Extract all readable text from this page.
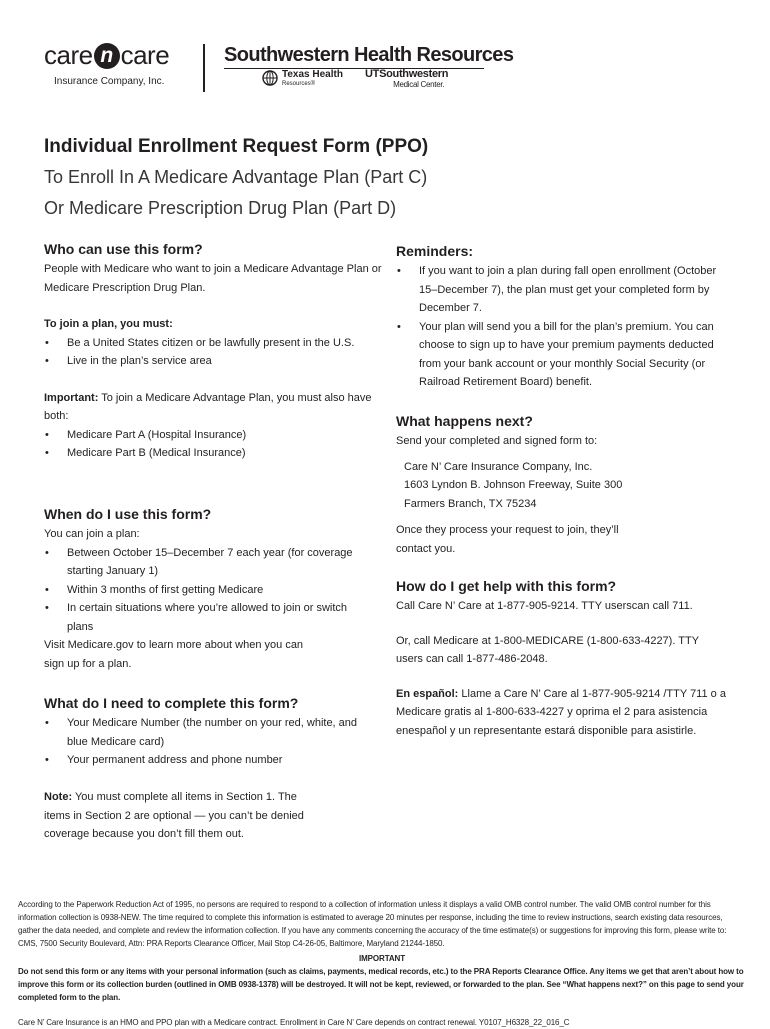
care n care
Insurance Company, Inc.
Southwestern Health Resources
Texas Health
Resources®
UTSouthwestern
Medical Center.
Individual Enrollment Request Form (PPO)
To Enroll In A Medicare Advantage Plan (Part C)
Or Medicare Prescription Drug Plan (Part D)
Who can use this form?

People with Medicare who want to join a Medicare Advantage Plan or Medicare Prescription Drug Plan.

To join a plan, you must:

• Be a United States citizen or be lawfully present in the U.S.
• Live in the plan’s service area

Important: To join a Medicare Advantage Plan, you must also have both:

• Medicare Part A (Hospital Insurance)
• Medicare Part B (Medical Insurance)
When do I use this form?

You can join a plan:

• Between October 15–December 7 each year (for coverage starting January 1)
• Within 3 months of first getting Medicare
• In certain situations where you’re allowed to join or switch plans

Visit Medicare.gov to learn more about when you can sign up for a plan.

What do I need to complete this form?
• Your Medicare Number (the number on your red, white, and blue Medicare card)
• Your permanent address and phone number

Note: You must complete all items in Section 1. The items in Section 2 are optional — you can’t be denied coverage because you don’t fill them out.

Reminders:
• If you want to join a plan during fall open enrollment (October 15–December 7), the plan must get your completed form by December 7.
• Your plan will send you a bill for the plan’s premium. You can choose to sign up to have your premium payments deducted from your bank account or your monthly Social Security (or Railroad Retirement Board) benefit.
What happens next?

Send your completed and signed form to:

Care N’ Care Insurance Company, Inc.

1603 Lyndon B. Johnson Freeway, Suite 300

Farmers Branch, TX 75234

Once they process your request to join, they’ll contact you.

How do I get help with this form?

Call Care N’ Care at 1-877-905-9214. TTY userscan call 711.

Or, call Medicare at 1-800-MEDICARE (1-800-633-4227). TTY users can call 1-877-486-2048.

En español: Llame a Care N’ Care al 1-877-905-9214 /TTY 711 o a Medicare gratis al 1-800-633-4227 y oprima el 2 para asistencia enespañol y un representante estará disponible para asistirle.

According to the Paperwork Reduction Act of 1995, no persons are required to respond to a collection of information unless it displays a valid OMB control number. The valid OMB control number for this information collection is 0938-NEW. The time required to complete this information is estimated to average 20 minutes per response, including the time to review instructions, search existing data resources, gather the data needed, and complete and review the information collection. If you have any comments concerning the accuracy of the time estimate(s) or suggestions for improving this form, please write to: CMS, 7500 Security Boulevard, Attn: PRA Reports Clearance Officer, Mail Stop C4-26-05, Baltimore, Maryland 21244-1850.

IMPORTANT

Do not send this form or any items with your personal information (such as claims, payments, medical records, etc.) to the PRA Reports Clearance Office. Any items we get that aren’t about how to improve this form or its collection burden (outlined in OMB 0938-1378) will be destroyed. It will not be kept, reviewed, or forwarded to the plan. See “What happens next?” on this page to send your completed form to the plan.

Care N’ Care Insurance is an HMO and PPO plan with a Medicare contract. Enrollment in Care N’ Care depends on contract renewal. Y0107_H6328_22_016_C
